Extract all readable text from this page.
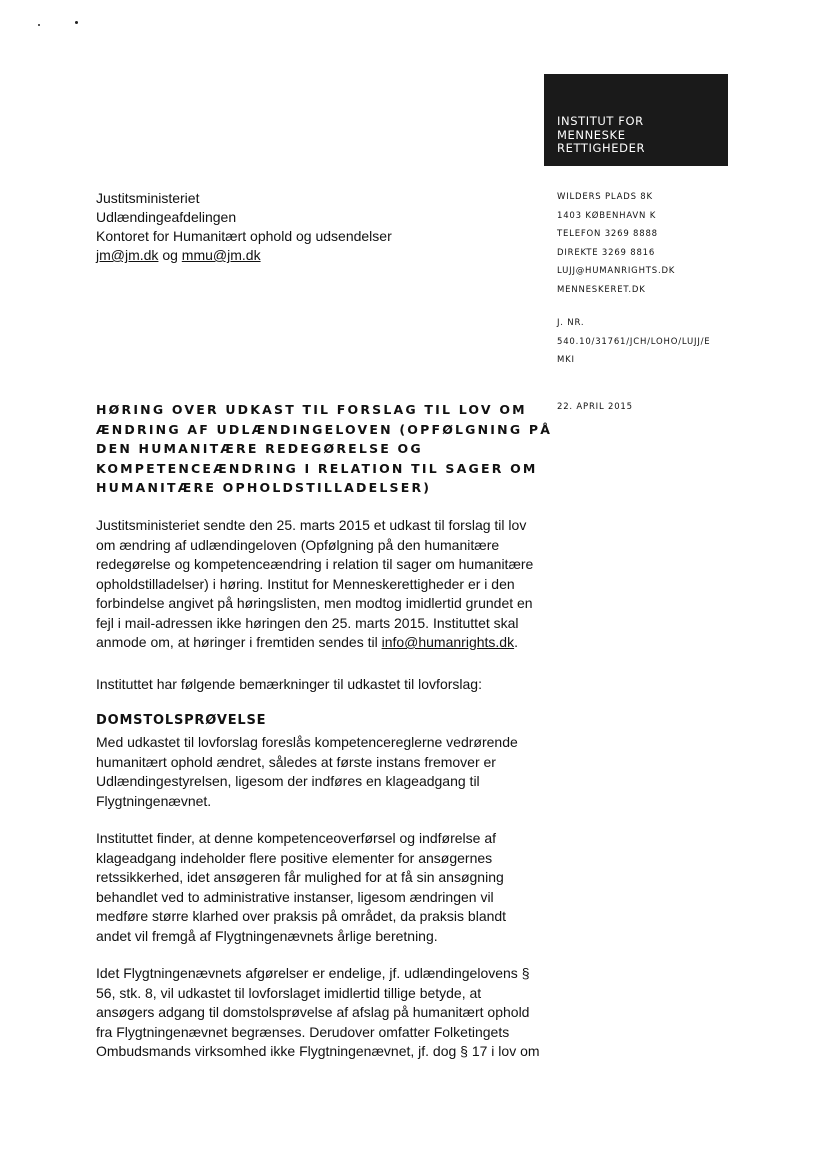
INSTITUT FOR
MENNESKE
RETTIGHEDER
Justitsministeriet
Udlændingeafdelingen
Kontoret for Humanitært ophold og udsendelser
jm@jm.dk og mmu@jm.dk
WILDERS PLADS 8K
1403 KØBENHAVN K
TELEFON 3269 8888
DIREKTE 3269 8816
LUJJ@HUMANRIGHTS.DK
MENNESKERET.DK
J. NR.
540.10/31761/JCH/LOHO/LUJJ/E
MKI
22. APRIL 2015
HØRING OVER UDKAST TIL FORSLAG TIL LOV OM
ÆNDRING AF UDLÆNDINGELOVEN (OPFØLGNING PÅ
DEN HUMANITÆRE REDEGØRELSE OG
KOMPETENCEÆNDRING I RELATION TIL SAGER OM
HUMANITÆRE OPHOLDSTILLADELSER)
Justitsministeriet sendte den 25. marts 2015 et udkast til forslag til lov
om ændring af udlændingeloven (Opfølgning på den humanitære
redegørelse og kompetenceændring i relation til sager om humanitære
opholdstilladelser) i høring. Institut for Menneskerettigheder er i den
forbindelse angivet på høringslisten, men modtog imidlertid grundet en
fejl i mail-adressen ikke høringen den 25. marts 2015. Instituttet skal
anmode om, at høringer i fremtiden sendes til info@humanrights.dk.
Instituttet har følgende bemærkninger til udkastet til lovforslag:
DOMSTOLSPRØVELSE
Med udkastet til lovforslag foreslås kompetencereglerne vedrørende
humanitært ophold ændret, således at første instans fremover er
Udlændingestyrelsen, ligesom der indføres en klageadgang til
Flygtningenævnet.
Instituttet finder, at denne kompetenceoverførsel og indførelse af
klageadgang indeholder flere positive elementer for ansøgernes
retssikkerhed, idet ansøgeren får mulighed for at få sin ansøgning
behandlet ved to administrative instanser, ligesom ændringen vil
medføre større klarhed over praksis på området, da praksis blandt
andet vil fremgå af Flygtningenævnets årlige beretning.
Idet Flygtningenævnets afgørelser er endelige, jf. udlændingelovens §
56, stk. 8, vil udkastet til lovforslaget imidlertid tillige betyde, at
ansøgers adgang til domstolsprøvelse af afslag på humanitært ophold
fra Flygtningenævnet begrænses. Derudover omfatter Folketingets
Ombudsmands virksomhed ikke Flygtningenævnet, jf. dog § 17 i lov om
